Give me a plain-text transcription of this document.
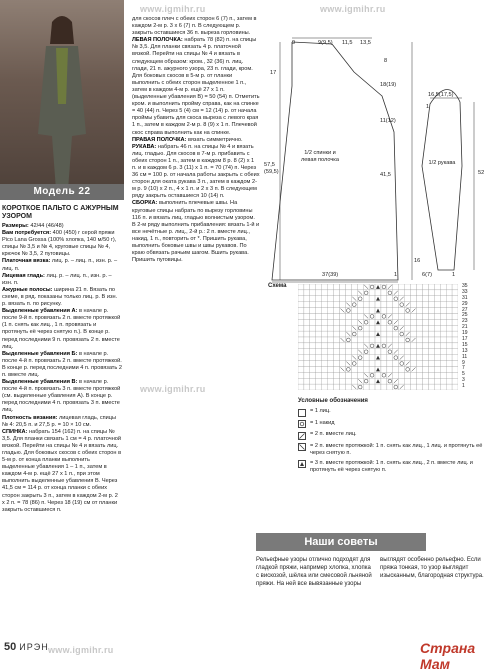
Модель 22
www.igmihr.ru	www.igmihr.ru
www.igmihr.ru
www.igmihr.ru
КОРОТКОЕ ПАЛЬТО С АЖУРНЫМ УЗОРОМ
Размеры: 42/44 (46/48)
Вам потребуется: 400 (450) г серой пряжи Pico Lana Grossa (100% хлопка, 140 м/50 г), спицы № 3,5 и № 4, круговые спицы № 4, крючок № 3,5, 2 пуговицы.
Платочная вязка: лиц. р. – лиц. п., изн. р. – лиц. п.
Лицевая гладь: лиц. р. – лиц. п., изн. р. – изн. п.
Ажурные полосы: ширина 21 п. Вязать по схеме, в ряд. показаны только лиц. р. В изн. р. вязать п. по рисунку.
Выделенные убавления А: в начале р. после 9-й п. провязать 2 п. вместе протяжкой (1 п. снять как лиц., 1 п. провязать и протянуть её через снятую п.). В конце р. перед последними 9 п. провязать 2 п. вместе лиц.
Выделенные убавления Б: в начале р. после 4-й п. провязать 2 п. вместе протяжкой. В конце р. перед последними 4 п. провязать 2 п. вместе лиц.
Выделенные убавления В: в начале р. после 4-й п. провязать 3 п. вместе протяжкой (см. выделенные убавления А). В конце р. перед последними 4 п. провязать 3 п. вместе лиц.
Плотность вязания: лицевая гладь, спицы № 4: 20,5 п. и 27,5 р. = 10 × 10 см.
СПИНКА: набрать 154 (162) п. на спицы № 3,5. Для планки связать 1 см = 4 р. платочной вязкой. Перейти на спицы № 4 и вязать лиц. гладью. Для боковых скосов с обеих сторон в 5-м р. от конца планки выполнить выделенные убавления 1 – 1 п., затем в каждом 4-м р. ещё 27 х 1 п., при этом выполнить выделенные убавления В. Через 41,5 см = 114 р. от конца планки с обеих сторон закрыть 3 п., затем в каждом 2-м р. 2 х 2 п. = 78 (86) п. Через 18 (19) см от планки закрыть оставшиеся п.
для скосов плеч с обеих сторон 6 (7) п., затем в каждом 2-м р. 3 х 6 (7) п. В следующем р. закрыть оставшиеся 36 п. выреза горловины.
ЛЕВАЯ ПОЛОЧКА: набрать 78 (82) п. на спицы № 3,5. Для планки связать 4 р. платочной вязкой. Перейти на спицы № 4 и вязать в следующем образом: кром., 32 (36) п. лиц. глади, 21 п. ажурного узора, 23 п. глади, кром. Для боковых скосов в 5-м р. от планки выполнить с обеих сторон выделенное 1 п., затем в каждом 4-м р. ещё 27 х 1 п. (выделенные убавления В) = 50 (54) п. Отметить кром. и выполнить пройму справа, как на спинке = 40 (44) п. Через 5 (4) см = 12 (14) р. от начала проймы убавить для скоса выреза с левого края 1 п., затем в каждом 2-м р. 8 (9) х 1 п. Плечевой скос справа выполнить как на спинке.
ПРАВАЯ ПОЛОЧКА: вязать симметрично.
РУКАВА: набрать 46 п. на спицы № 4 и вязать лиц. гладью. Для скосов в 7-м р. прибавить с обеих сторон 1 п., затем в каждом 8 р. 8 (2) х 1 п. и в каждом 6 р. 3 (11) х 1 п. = 70 (74) п. Через 36 см = 100 р. от начала работы закрыть с обеих сторон для оката рукава 3 п., затем в каждом 2-м р. 9 (10) х 2 п., 4 х 1 п. и 2 х 3 п. В следующем ряду закрыть оставшиеся 10 (14) п.
СБОРКА: выполнить плечевые швы. На круговые спицы набрать по вырезу горловины 116 п. и вязать лиц. гладью волнистым узором. В 2-м ряду выполнить прибавления: вязать 1-й и все нечётные р. лиц., 2-й р.: 2 п. вместе лиц., накид, 1 п., повторить от *. Пришить рукава, выполнить боковые швы и швы рукавов. По краю обвязать рачьим шагом. Вшить рукава. Пришить пуговицы.
1/2 спинки и левая полочка	1/2 рукава
9	9(9,5) 11,5 13,5
17
8
18(19)
11(12)
41,5
57,5 (59,5)
37(39)	1
16,5(17,5)
1
52
16
6(7)	1
Схема	35
33
31
29
27
25
23
21
19
17
15
13
11
9
7
5
3
1
Условные обозначения
= 1 лиц.
= 1 накид
= 2 п. вместе лиц.
= 2 п. вместе протяжкой: 1 п. снять как лиц., 1 лиц. и протянуть её через снятую п.
= 3 п. вместе протяжкой: 1 п. снять как лиц., 2 п. вместе лиц. и протянуть её через снятую п.
Наши советы
Рельефные узоры отлично подходят для гладкой пряжи, например хлопка, хлопка с вискозой, шёлка или смесовой льняной пряжи. На ней все вывязанные узоры выглядят особенно рельефно. Если пряжа тонкая, то узор выглядит изысканным, благородная структура.
50 ИРЭН	Страна Мам
